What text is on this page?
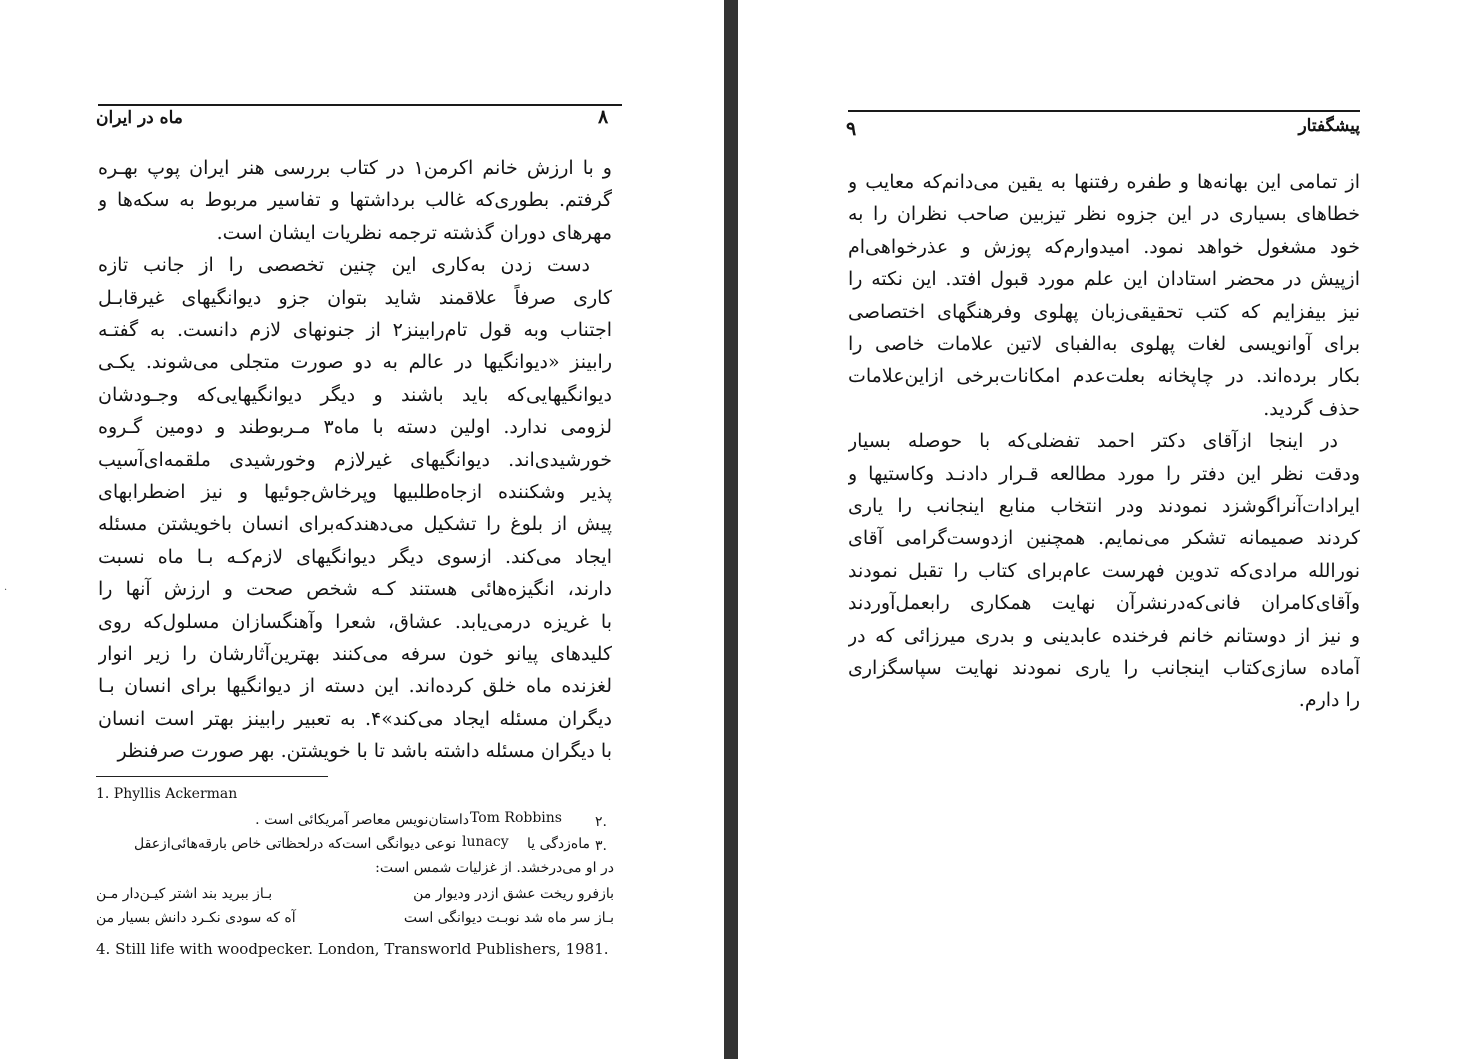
ماه در ایران	۸
و با ارزش خانم اکرمن۱ در کتاب بررسی هنر ایران پوپ بهـره
گرفتم. بطوری‌که غالب برداشتها و تفاسیر مربوط به سکه‌ها و
مهرهای دوران گذشته ترجمه نظریات ایشان است.
دست زدن به‌کاری این چنین تخصصی را از جانب تازه
کاری صرفاً علاقمند شاید بتوان جزو دیوانگیهای غیرقابـل
اجتناب وبه قول تام‌رابینز۲ از جنونهای لازم دانست. به گفتـه
رابینز «دیوانگیها در عالم به دو صورت متجلی می‌شوند. یکـی
دیوانگیهایی‌که باید باشند و دیگر دیوانگیهایی‌که وجـودشان
لزومی ندارد. اولین دسته با ماه۳ مـربوطند و دومین گـروه
خورشیدی‌اند. دیوانگیهای غیرلازم وخورشیدی ملقمه‌ای‌آسیب
پذیر وشکننده ازجاه‌طلبیها وپرخاش‌جوئیها و نیز اضطرابهای
پیش از بلوغ را تشکیل می‌دهندکه‌برای انسان باخویشتن مسئله
ایجاد می‌کند. ازسوی دیگر دیوانگیهای لازم‌کـه بـا ماه نسبت
دارند، انگیزه‌هائی هستند کـه شخص صحت و ارزش آنها را
با غریزه درمی‌یابد. عشاق، شعرا وآهنگسازان مسلول‌که روی
کلیدهای پیانو خون سرفه می‌کنند بهترین‌آثارشان را زیر انوار
لغزنده ماه خلق کرده‌اند. این دسته از دیوانگیها برای انسان بـا
دیگران مسئله ایجاد می‌کند»۴. به تعبیر رابینز بهتر است انسان
با دیگران مسئله داشته باشد تا با خویشتن. بهر صورت صرفنظر
1. Phyllis Ackerman
۲.
Tom Robbins
داستان‌نویس معاصر آمریکائی است .
۳.
ماه‌زدگی یا
lunacy
نوعی دیوانگی است‌که درلحظاتی خاص بارقه‌هائی‌ازعقل
در او می‌درخشد. از غزلیات شمس است:
بازفرو ریخت عشق ازدر ودیوار من
بـاز ببرید بند اشتر کیـن‌دار مـن
بـاز سر ماه شد نوبـت دیوانگی است
آه که سودی نکـرد دانش بسیار من
4. Still life with woodpecker. London, Transworld Publishers, 1981.
·
پیشگفتار
۹
از تمامی این بهانه‌ها و طفره رفتنها به یقین می‌دانم‌که معایب و
خطاهای بسیاری در این جزوه نظر تیزبین صاحب نظران را به
خود مشغول خواهد نمود. امیدوارم‌که پوزش و عذرخواهی‌ام
ازپیش در محضر استادان این علم مورد قبول افتد. این نکته را
نیز بیفزایم که کتب تحقیقی‌زبان پهلوی وفرهنگهای اختصاصی
برای آوانویسی لغات پهلوی به‌الفبای لاتین علامات خاصی را
بکار برده‌اند. در چاپخانه بعلت‌عدم امکانات‌برخی ازاین‌علامات
حذف گردید.
در اینجا ازآقای دکتر احمد تفضلی‌که با حوصله بسیار
ودقت نظر این دفتر را مورد مطالعه قـرار دادنـد وکاستیها و
ایرادات‌آنرا‌گوشزد نمودند ودر انتخاب منابع اینجانب را یاری
کردند صمیمانه تشکر می‌نمایم. همچنین ازدوست‌گرامی آقای
نورالله مرادی‌که تدوین فهرست عام‌برای کتاب را تقبل نمودند
وآقای‌کامران فانی‌که‌درنشرآن نهایت همکاری رابعمل‌آوردند
و نیز از دوستانم خانم فرخنده عابدینی و بدری میرزائی که در
آماده سازی‌کتاب اینجانب را یاری نمودند نهایت سپاسگزاری
را دارم.
